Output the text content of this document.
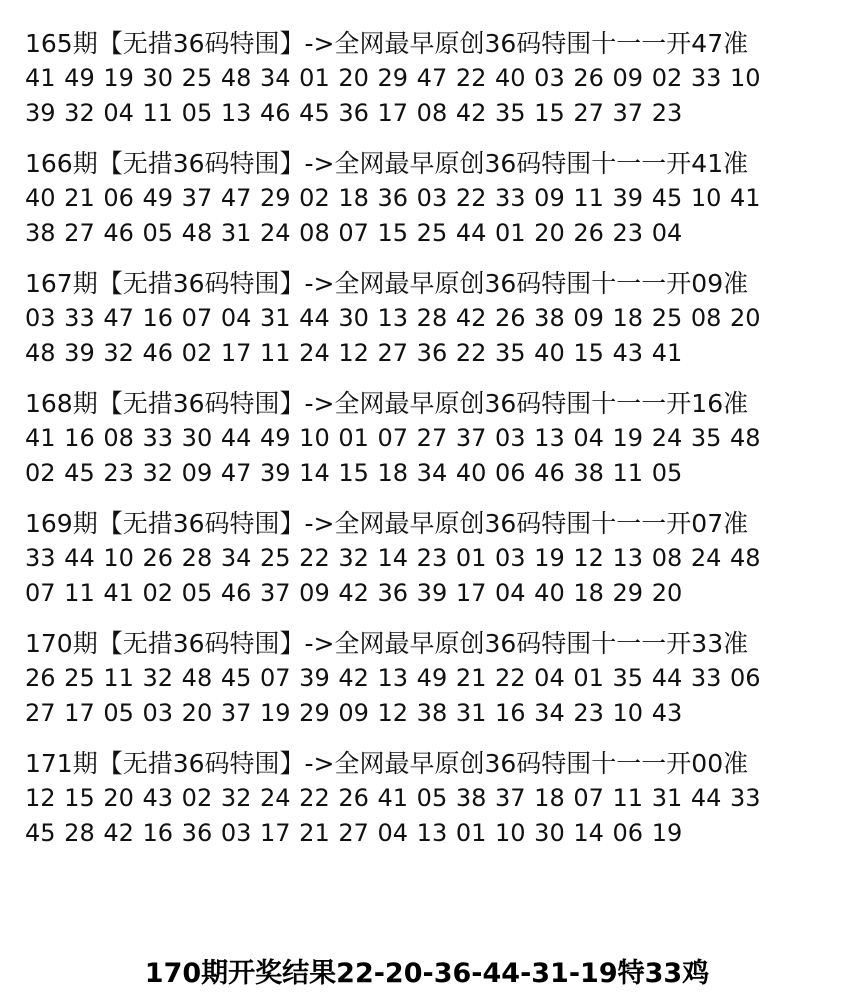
165期【无措36码特围】->全网最早原创36码特围十一一开47准
41 49 19 30 25 48 34 01 20 29 47 22 40 03 26 09 02 33 10
39 32 04 11 05 13 46 45 36 17 08 42 35 15 27 37 23
166期【无措36码特围】->全网最早原创36码特围十一一开41准
40 21 06 49 37 47 29 02 18 36 03 22 33 09 11 39 45 10 41
38 27 46 05 48 31 24 08 07 15 25 44 01 20 26 23 04
167期【无措36码特围】->全网最早原创36码特围十一一开09准
03 33 47 16 07 04 31 44 30 13 28 42 26 38 09 18 25 08 20
48 39 32 46 02 17 11 24 12 27 36 22 35 40 15 43 41
168期【无措36码特围】->全网最早原创36码特围十一一开16准
41 16 08 33 30 44 49 10 01 07 27 37 03 13 04 19 24 35 48
02 45 23 32 09 47 39 14 15 18 34 40 06 46 38 11 05
169期【无措36码特围】->全网最早原创36码特围十一一开07准
33 44 10 26 28 34 25 22 32 14 23 01 03 19 12 13 08 24 48
07 11 41 02 05 46 37 09 42 36 39 17 04 40 18 29 20
170期【无措36码特围】->全网最早原创36码特围十一一开33准
26 25 11 32 48 45 07 39 42 13 49 21 22 04 01 35 44 33 06
27 17 05 03 20 37 19 29 09 12 38 31 16 34 23 10 43
171期【无措36码特围】->全网最早原创36码特围十一一开00准
12 15 20 43 02 32 24 22 26 41 05 38 37 18 07 11 31 44 33
45 28 42 16 36 03 17 21 27 04 13 01 10 30 14 06 19
170期开奖结果22-20-36-44-31-19特33鸡
